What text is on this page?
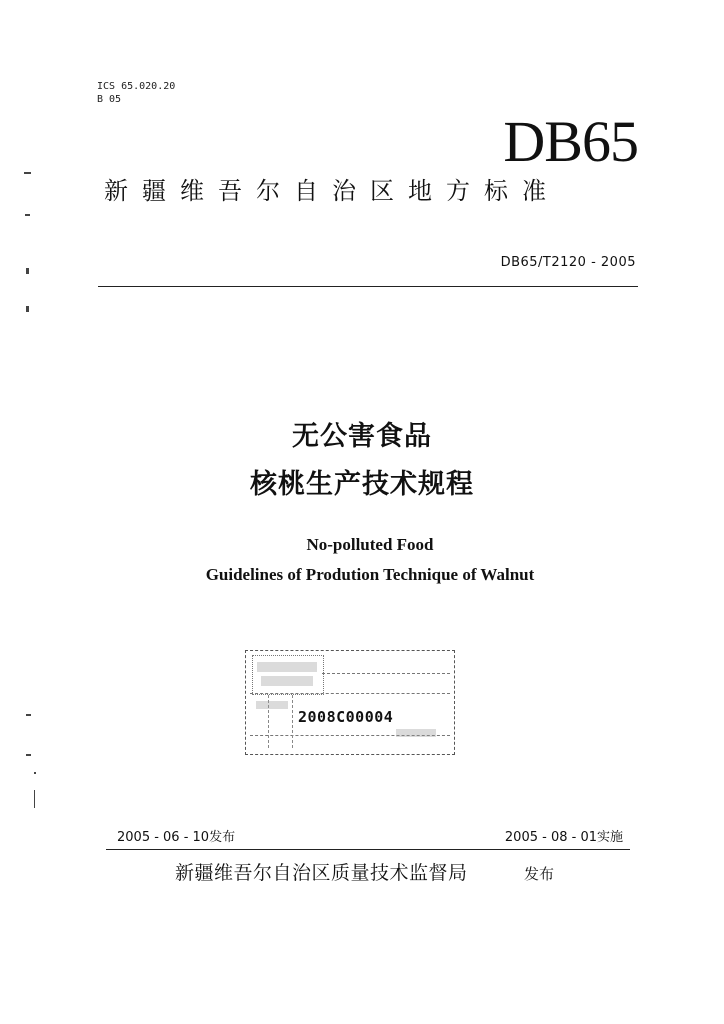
ICS 65.020.20
B 05
DB65
新疆维吾尔自治区地方标准
DB65/T2120 - 2005
无公害食品
核桃生产技术规程
No-polluted Food
Guidelines of Prodution Technique of Walnut
2008C00004
2005 - 06 - 10发布	2005 - 08 - 01实施
新疆维吾尔自治区质量技术监督局	发布
